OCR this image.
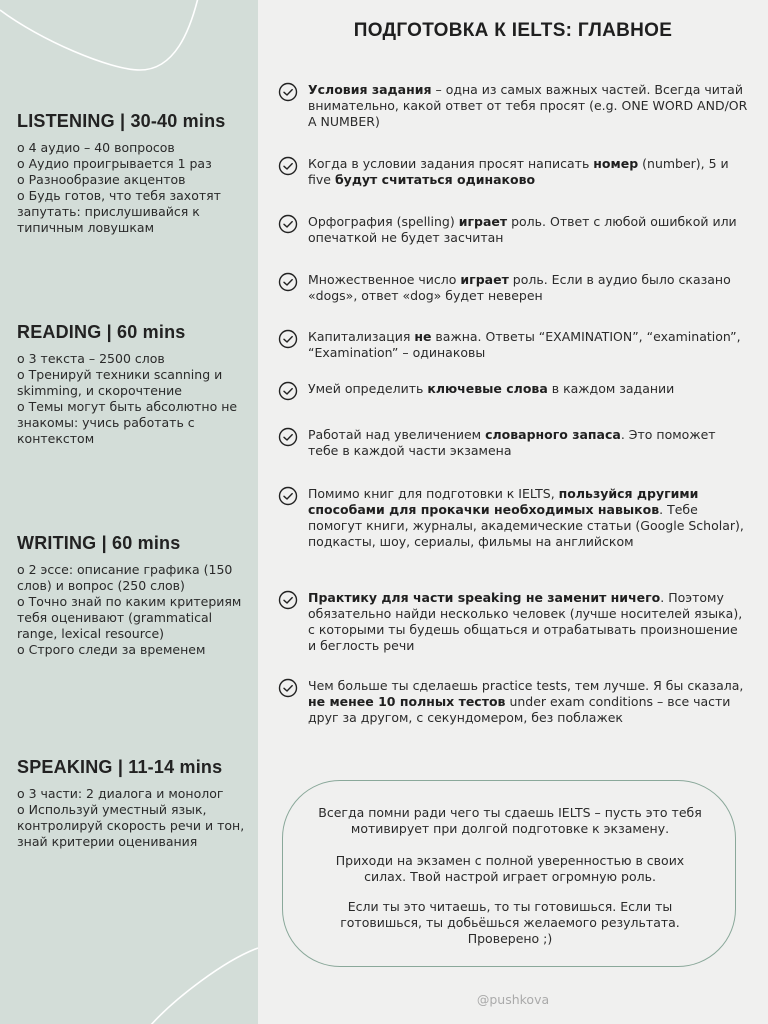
LISTENING | 30-40 mins
o 4 аудио – 40 вопросов
o Аудио проигрывается 1 раз
o Разнообразие акцентов
o Будь готов, что тебя захотят запутать: прислушивайся к типичным ловушкам
READING | 60 mins
o 3 текста – 2500 слов
o Тренируй техники scanning и skimming, и скорочтение
o Темы могут быть абсолютно не знакомы: учись работать с контекстом
WRITING | 60 mins
o 2 эссе: описание графика (150 слов) и вопрос (250 слов)
o Точно знай по каким критериям тебя оценивают (grammatical range, lexical resource)
o Строго следи за временем
SPEAKING | 11-14 mins
o 3 части: 2 диалога и монолог
o Используй уместный язык, контролируй скорость речи и тон, знай критерии оценивания
ПОДГОТОВКА К IELTS: ГЛАВНОЕ
Условия задания – одна из самых важных частей. Всегда читай внимательно, какой ответ от тебя просят (e.g. ONE WORD AND/OR A NUMBER)
Когда в условии задания просят написать номер (number), 5 и five будут считаться одинаково
Орфография (spelling) играет роль. Ответ с любой ошибкой или опечаткой не будет засчитан
Множественное число играет роль. Если в аудио было сказано «dogs», ответ «dog» будет неверен
Капитализация не важна. Ответы “EXAMINATION”, “examination”, “Examination” – одинаковы
Умей определить ключевые слова в каждом задании
Работай над увеличением словарного запаса. Это поможет тебе в каждой части экзамена
Помимо книг для подготовки к IELTS, пользуйся другими способами для прокачки необходимых навыков. Тебе помогут книги, журналы, академические статьи (Google Scholar), подкасты, шоу, сериалы, фильмы на английском
Практику для части speaking не заменит ничего. Поэтому обязательно найди несколько человек (лучше носителей языка), с которыми ты будешь общаться и отрабатывать произношение и беглость речи
Чем больше ты сделаешь practice tests, тем лучше. Я бы сказала, не менее 10 полных тестов under exam conditions – все части друг за другом, с секундомером, без поблажек
Всегда помни ради чего ты сдаешь IELTS – пусть это тебя мотивирует при долгой подготовке к экзамену.
Приходи на экзамен с полной уверенностью в своих силах. Твой настрой играет огромную роль.
Если ты это читаешь, то ты готовишься. Если ты готовишься, ты добьёшься желаемого результата. Проверено ;)
@pushkova
